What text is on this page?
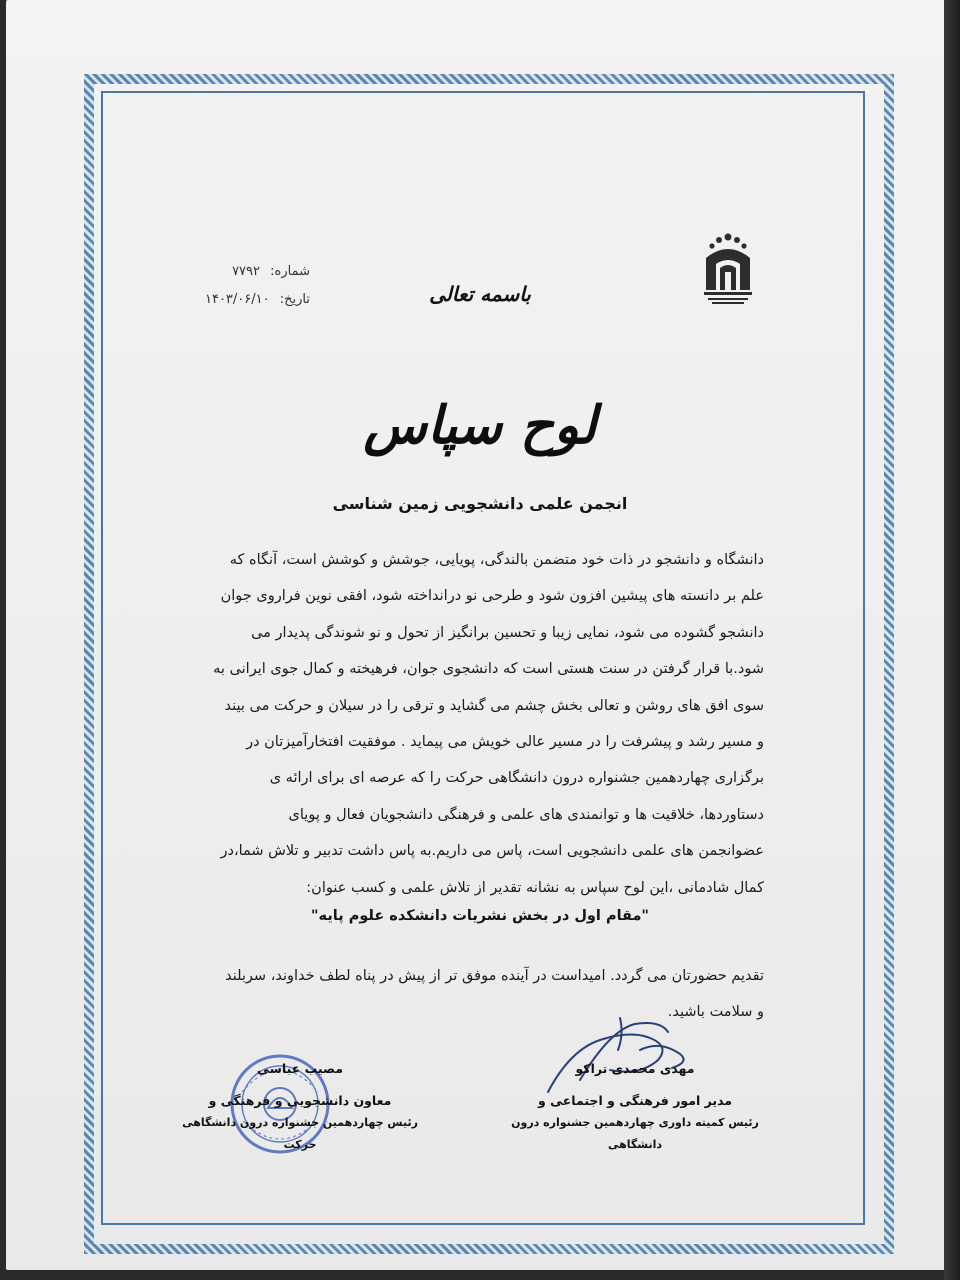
شماره: ۷۷۹۲
تاریخ: ۱۴۰۳/۰۶/۱۰	باسمه تعالی
لوح سپاس
انجمن علمی دانشجویی زمین شناسی
دانشگاه و دانشجو در ذات خود متضمن بالندگی، پویایی، جوشش و کوشش است، آنگاه که
علم بر دانسته های پیشین افزون شود و طرحی نو درانداخته شود، افقی نوین فراروی جوان
دانشجو گشوده می شود، نمایی زیبا و تحسین برانگیز از تحول و نو شوندگی پدیدار می
شود.با قرار گرفتن در سنت هستی است که دانشجوی جوان، فرهیخته و کمال جوی ایرانی به
سوی افق های روشن و تعالی بخش چشم می گشاید و ترقی را در سیلان و حرکت می بیند
و مسیر رشد و پیشرفت را در مسیر عالی خویش می پیماید . موفقیت افتخارآمیزتان در
برگزاری چهاردهمین جشنواره درون دانشگاهی حرکت را که عرصه ای برای ارائه ی
دستاوردها، خلاقیت ها و توانمندی های علمی و فرهنگی دانشجویان فعال و پویای
عضوانجمن های علمی دانشجویی است، پاس می داریم.به پاس داشت تدبیر و تلاش شما،در
کمال شادمانی ،این لوح سپاس به نشانه تقدیر از تلاش علمی و کسب عنوان:
"مقام اول در بخش نشریات دانشکده علوم پایه"
تقدیم حضورتان می گردد. امیداست در آینده موفق تر از پیش در پناه لطف خداوند، سربلند
و سلامت باشید.
مهدی محمدی تراکو
مدیر امور فرهنگی و اجتماعی و
رئیس کمیته داوری چهاردهمین جشنواره درون دانشگاهی
مصیب عباسی
معاون دانشجویی و فرهنگی و
رئیس چهاردهمین جشنواره درون دانشگاهی حرکت
